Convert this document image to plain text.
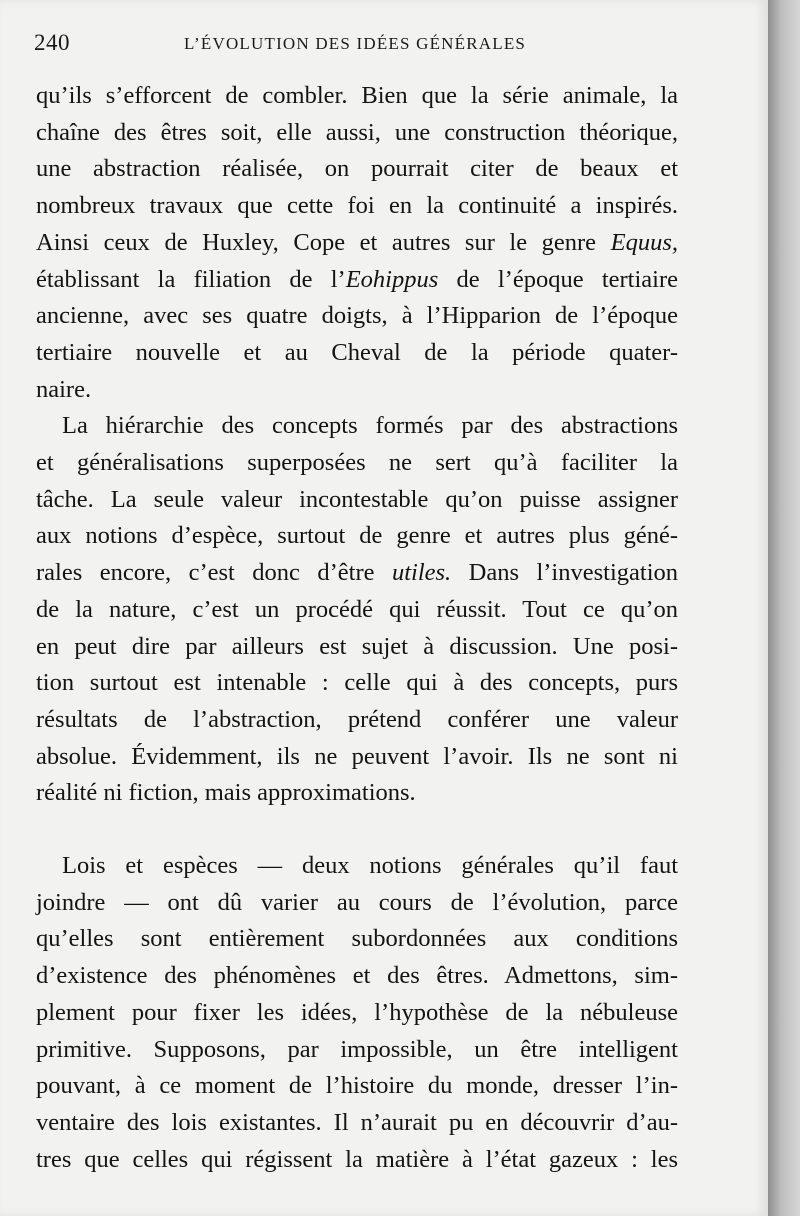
240	L’ÉVOLUTION DES IDÉES GÉNÉRALES
qu’ils s’efforcent de combler. Bien que la série animale, la
chaîne des êtres soit, elle aussi, une construction théorique,
une abstraction réalisée, on pourrait citer de beaux et
nombreux travaux que cette foi en la continuité a inspirés.
Ainsi ceux de Huxley, Cope et autres sur le genre Equus,
établissant la filiation de l’Eohippus de l’époque tertiaire
ancienne, avec ses quatre doigts, à l’Hipparion de l’époque
tertiaire nouvelle et au Cheval de la période quater-
naire.
La hiérarchie des concepts formés par des abstractions
et généralisations superposées ne sert qu’à faciliter la
tâche. La seule valeur incontestable qu’on puisse assigner
aux notions d’espèce, surtout de genre et autres plus géné-
rales encore, c’est donc d’être utiles. Dans l’investigation
de la nature, c’est un procédé qui réussit. Tout ce qu’on
en peut dire par ailleurs est sujet à discussion. Une posi-
tion surtout est intenable : celle qui à des concepts, purs
résultats de l’abstraction, prétend conférer une valeur
absolue. Évidemment, ils ne peuvent l’avoir. Ils ne sont ni
réalité ni fiction, mais approximations.
Lois et espèces — deux notions générales qu’il faut
joindre — ont dû varier au cours de l’évolution, parce
qu’elles sont entièrement subordonnées aux conditions
d’existence des phénomènes et des êtres. Admettons, sim-
plement pour fixer les idées, l’hypothèse de la nébuleuse
primitive. Supposons, par impossible, un être intelligent
pouvant, à ce moment de l’histoire du monde, dresser l’in-
ventaire des lois existantes. Il n’aurait pu en découvrir d’au-
tres que celles qui régissent la matière à l’état gazeux : les
